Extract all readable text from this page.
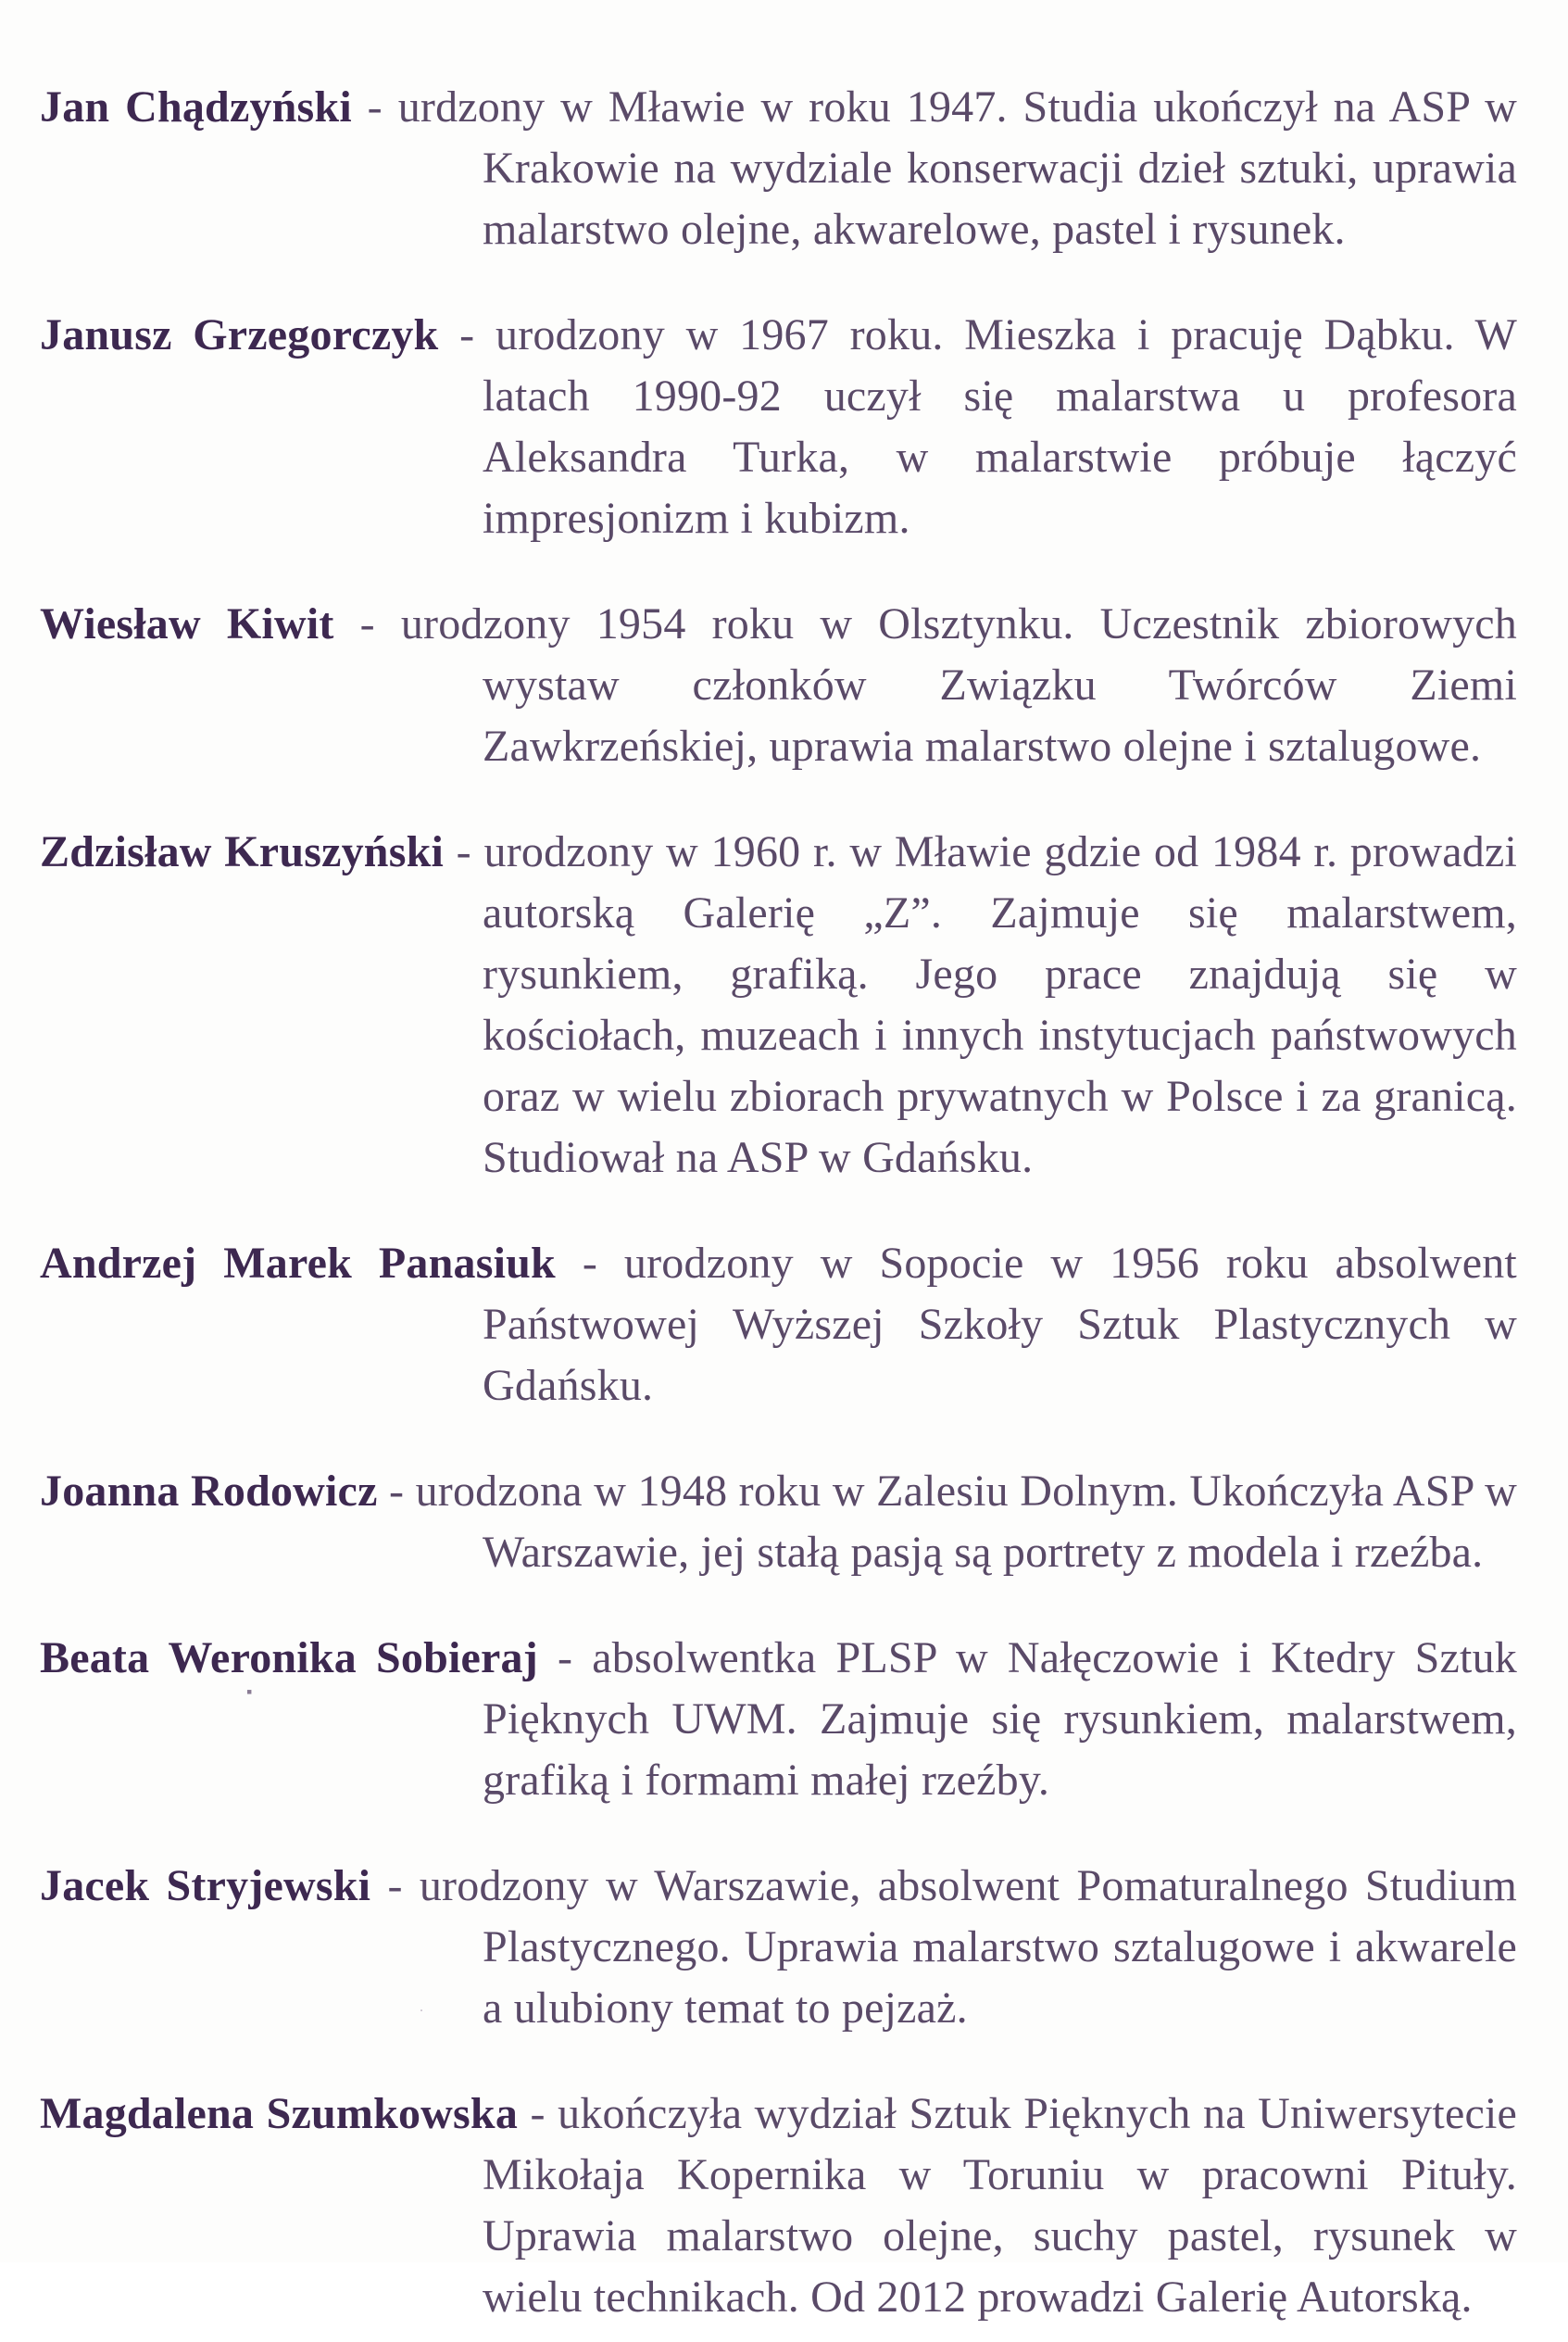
Jan Chądzyński - urdzony w Mławie w roku 1947. Studia ukończył na ASP w Krakowie na wydziale konserwacji dzieł sztuki, uprawia malarstwo olejne, akwarelowe, pastel i rysunek.

Janusz Grzegorczyk - urodzony w 1967 roku. Mieszka i pracuję Dąbku. W latach 1990-92 uczył się malarstwa u profesora Aleksandra Turka, w malarstwie próbuje łączyć impresjonizm i kubizm.

Wiesław Kiwit - urodzony 1954 roku w Olsztynku. Uczestnik zbiorowych wystaw członków Związku Twórców Ziemi Zawkrzeńskiej, uprawia malarstwo olejne i sztalugowe.

Zdzisław Kruszyński - urodzony w 1960 r. w Mławie gdzie od 1984 r. prowadzi autorską Galerię „Z”. Zajmuje się malarstwem, rysunkiem, grafiką. Jego prace znajdują się w kościołach, muzeach i innych instytucjach państwowych oraz w wielu zbiorach prywatnych w Polsce i za granicą. Studiował na ASP w Gdańsku.

Andrzej Marek Panasiuk - urodzony w Sopocie w 1956 roku absolwent Państwowej Wyższej Szkoły Sztuk Plastycznych w Gdańsku.

Joanna Rodowicz - urodzona w 1948 roku w Zalesiu Dolnym. Ukończyła ASP w Warszawie, jej stałą pasją są portrety z modela i rzeźba.

Beata Weronika Sobieraj - absolwentka PLSP w Nałęczowie i Ktedry Sztuk Pięknych UWM. Zajmuje się rysunkiem, malarstwem, grafiką i formami małej rzeźby.

Jacek Stryjewski - urodzony w Warszawie, absolwent Pomaturalnego Studium Plastycznego. Uprawia malarstwo sztalugowe i akwarele a ulubiony temat to pejzaż.

Magdalena Szumkowska - ukończyła wydział Sztuk Pięknych na Uniwersytecie Mikołaja Kopernika w Toruniu w pracowni Pituły. Uprawia malarstwo olejne, suchy pastel, rysunek w wielu technikach. Od 2012 prowadzi Galerię Autorską.

▪
˙
